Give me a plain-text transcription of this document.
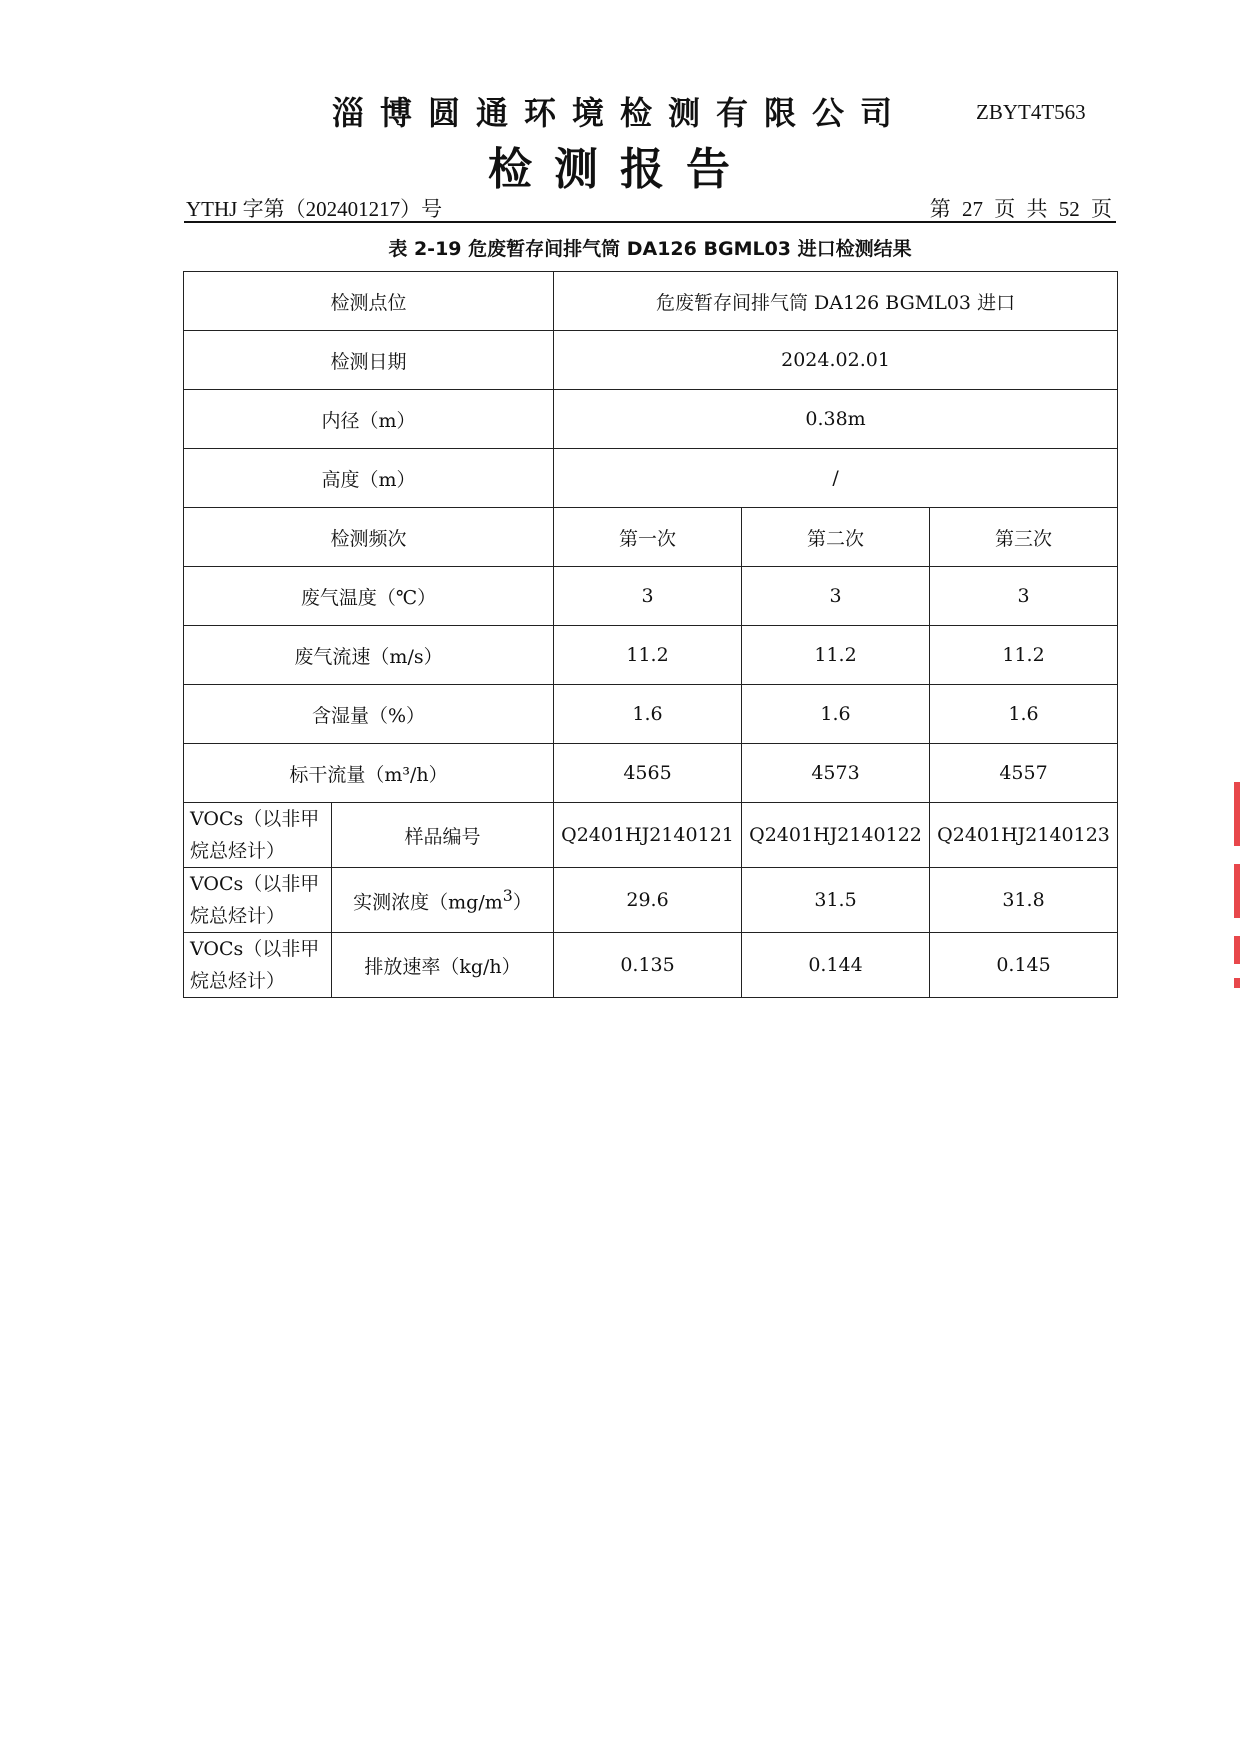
淄博圆通环境检测有限公司	ZBYT4T563
检测报告
YTHJ 字第（202401217）号	第 27 页 共 52 页
表 2-19 危废暂存间排气筒 DA126 BGML03 进口检测结果
检测点位		危废暂存间排气筒 DA126 BGML03 进口		
检测日期		2024.02.01		
内径（m）		0.38m		
高度（m）		/		
检测频次		第一次	第二次	第三次
废气温度（℃）		3	3	3
废气流速（m/s）		11.2	11.2	11.2
含湿量（%）		1.6	1.6	1.6
标干流量（m³/h）		4565	4573	4557
VOCs（以非甲烷总烃计）	样品编号	Q2401HJ2140121	Q2401HJ2140122	Q2401HJ2140123
VOCs（以非甲烷总烃计）	实测浓度$(mg/m^3)$	29.6	31.5	31.8
VOCs（以非甲烷总烃计）	排放速率（kg/h）	0.135	0.144	0.145
